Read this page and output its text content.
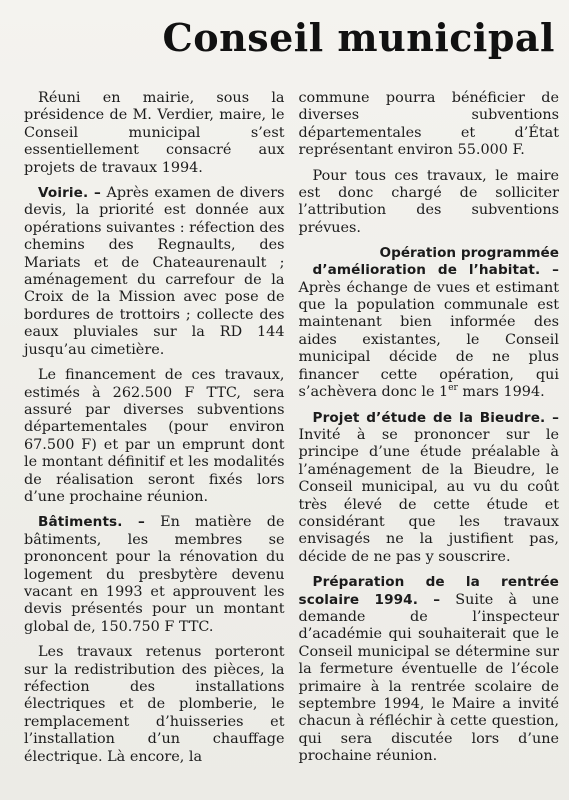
Conseil municipal

Réuni en mairie, sous la présidence de M. Verdier, maire, le Conseil municipal s’est essentiellement consacré aux projets de travaux 1994.

Voirie. – Après examen de divers devis, la priorité est donnée aux opérations suivantes : réfection des chemins des Regnaults, des Mariats et de Chateaurenault ; aménagement du carrefour de la Croix de la Mission avec pose de bordures de trottoirs ; collecte des eaux pluviales sur la RD 144 jusqu’au cimetière.

Le financement de ces travaux, estimés à 262.500 F TTC, sera assuré par diverses subventions départementales (pour environ 67.500 F) et par un emprunt dont le montant définitif et les modalités de réalisation seront fixés lors d’une prochaine réunion.

Bâtiments. – En matière de bâtiments, les membres se prononcent pour la rénovation du logement du presbytère devenu vacant en 1993 et approuvent les devis présentés pour un montant global de, 150.750 F TTC.

Les travaux retenus porteront sur la redistribution des pièces, la réfection des installations électriques et de plomberie, le remplacement d’huisseries et l’installation d’un chauffage électrique. Là encore, la

commune pourra bénéficier de diverses subventions départementales et d’État représentant environ 55.000 F.

Pour tous ces travaux, le maire est donc chargé de solliciter l’attribution des subventions prévues.

Opération programmée

d’amélioration de l’habitat. – Après échange de vues et estimant que la population communale est maintenant bien informée des aides existantes, le Conseil municipal décide de ne plus financer cette opération, qui s’achèvera donc le 1er mars 1994.

Projet d’étude de la Bieudre. – Invité à se prononcer sur le principe d’une étude préalable à l’aménagement de la Bieudre, le Conseil municipal, au vu du coût très élevé de cette étude et considérant que les travaux envisagés ne la justifient pas, décide de ne pas y souscrire.

Préparation de la rentrée scolaire 1994. – Suite à une demande de l’inspecteur d’académie qui souhaiterait que le Conseil municipal se détermine sur la fermeture éventuelle de l’école primaire à la rentrée scolaire de septembre 1994, le Maire a invité chacun à réfléchir à cette question, qui sera discutée lors d’une prochaine réunion.
